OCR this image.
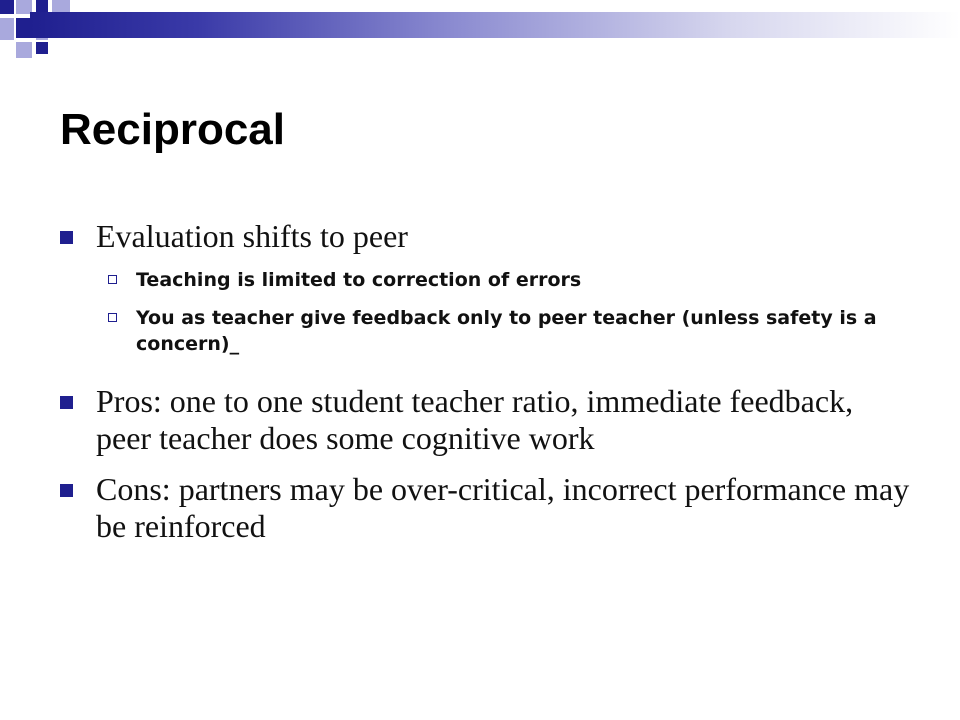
Reciprocal
Evaluation shifts to peer
Teaching is limited to correction of errors
You as teacher give feedback only to peer teacher (unless safety is a concern)_
Pros: one to one student teacher ratio, immediate feedback, peer teacher does some cognitive work
Cons: partners may be over-critical, incorrect performance may be reinforced
